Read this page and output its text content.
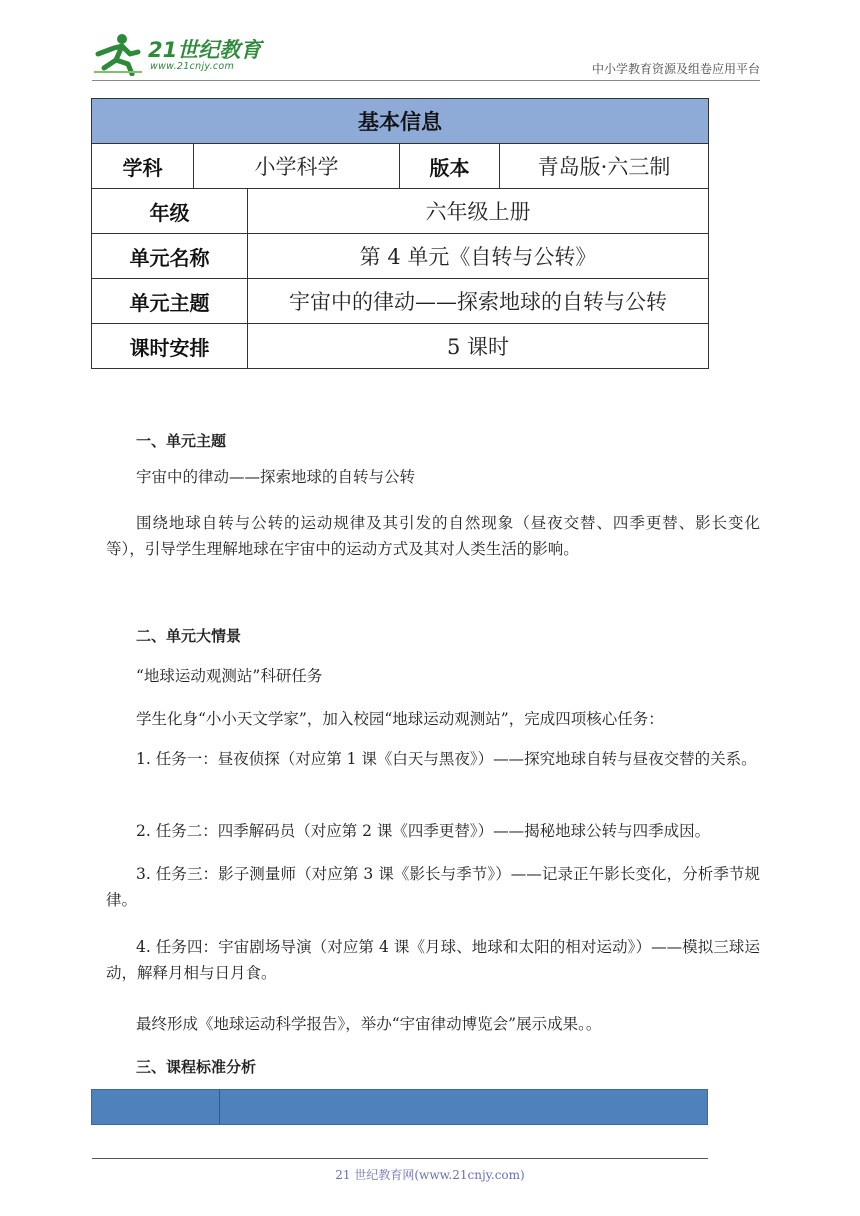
21世纪教育
www.21cnjy.com	中小学教育资源及组卷应用平台
基本信息				
学科	小学科学		版本	青岛版·六三制
年级		六年级上册		
单元名称		第 4 单元《自转与公转》		
单元主题		宇宙中的律动——探索地球的自转与公转		
课时安排		5 课时		
一、单元主题
宇宙中的律动——探索地球的自转与公转
围绕地球自转与公转的运动规律及其引发的自然现象（昼夜交替、四季更替、影长变化等），引导学生理解地球在宇宙中的运动方式及其对人类生活的影响。
二、单元大情景
“地球运动观测站”科研任务
学生化身“小小天文学家”，加入校园“地球运动观测站”，完成四项核心任务：
1. 任务一：昼夜侦探（对应第 1 课《白天与黑夜》）——探究地球自转与昼夜交替的关系。
2. 任务二：四季解码员（对应第 2 课《四季更替》）——揭秘地球公转与四季成因。
3. 任务三：影子测量师（对应第 3 课《影长与季节》）——记录正午影长变化，分析季节规律。
4. 任务四：宇宙剧场导演（对应第 4 课《月球、地球和太阳的相对运动》）——模拟三球运动，解释月相与日月食。
最终形成《地球运动科学报告》，举办“宇宙律动博览会”展示成果。。
三、课程标准分析
21 世纪教育网(www.21cnjy.com)
